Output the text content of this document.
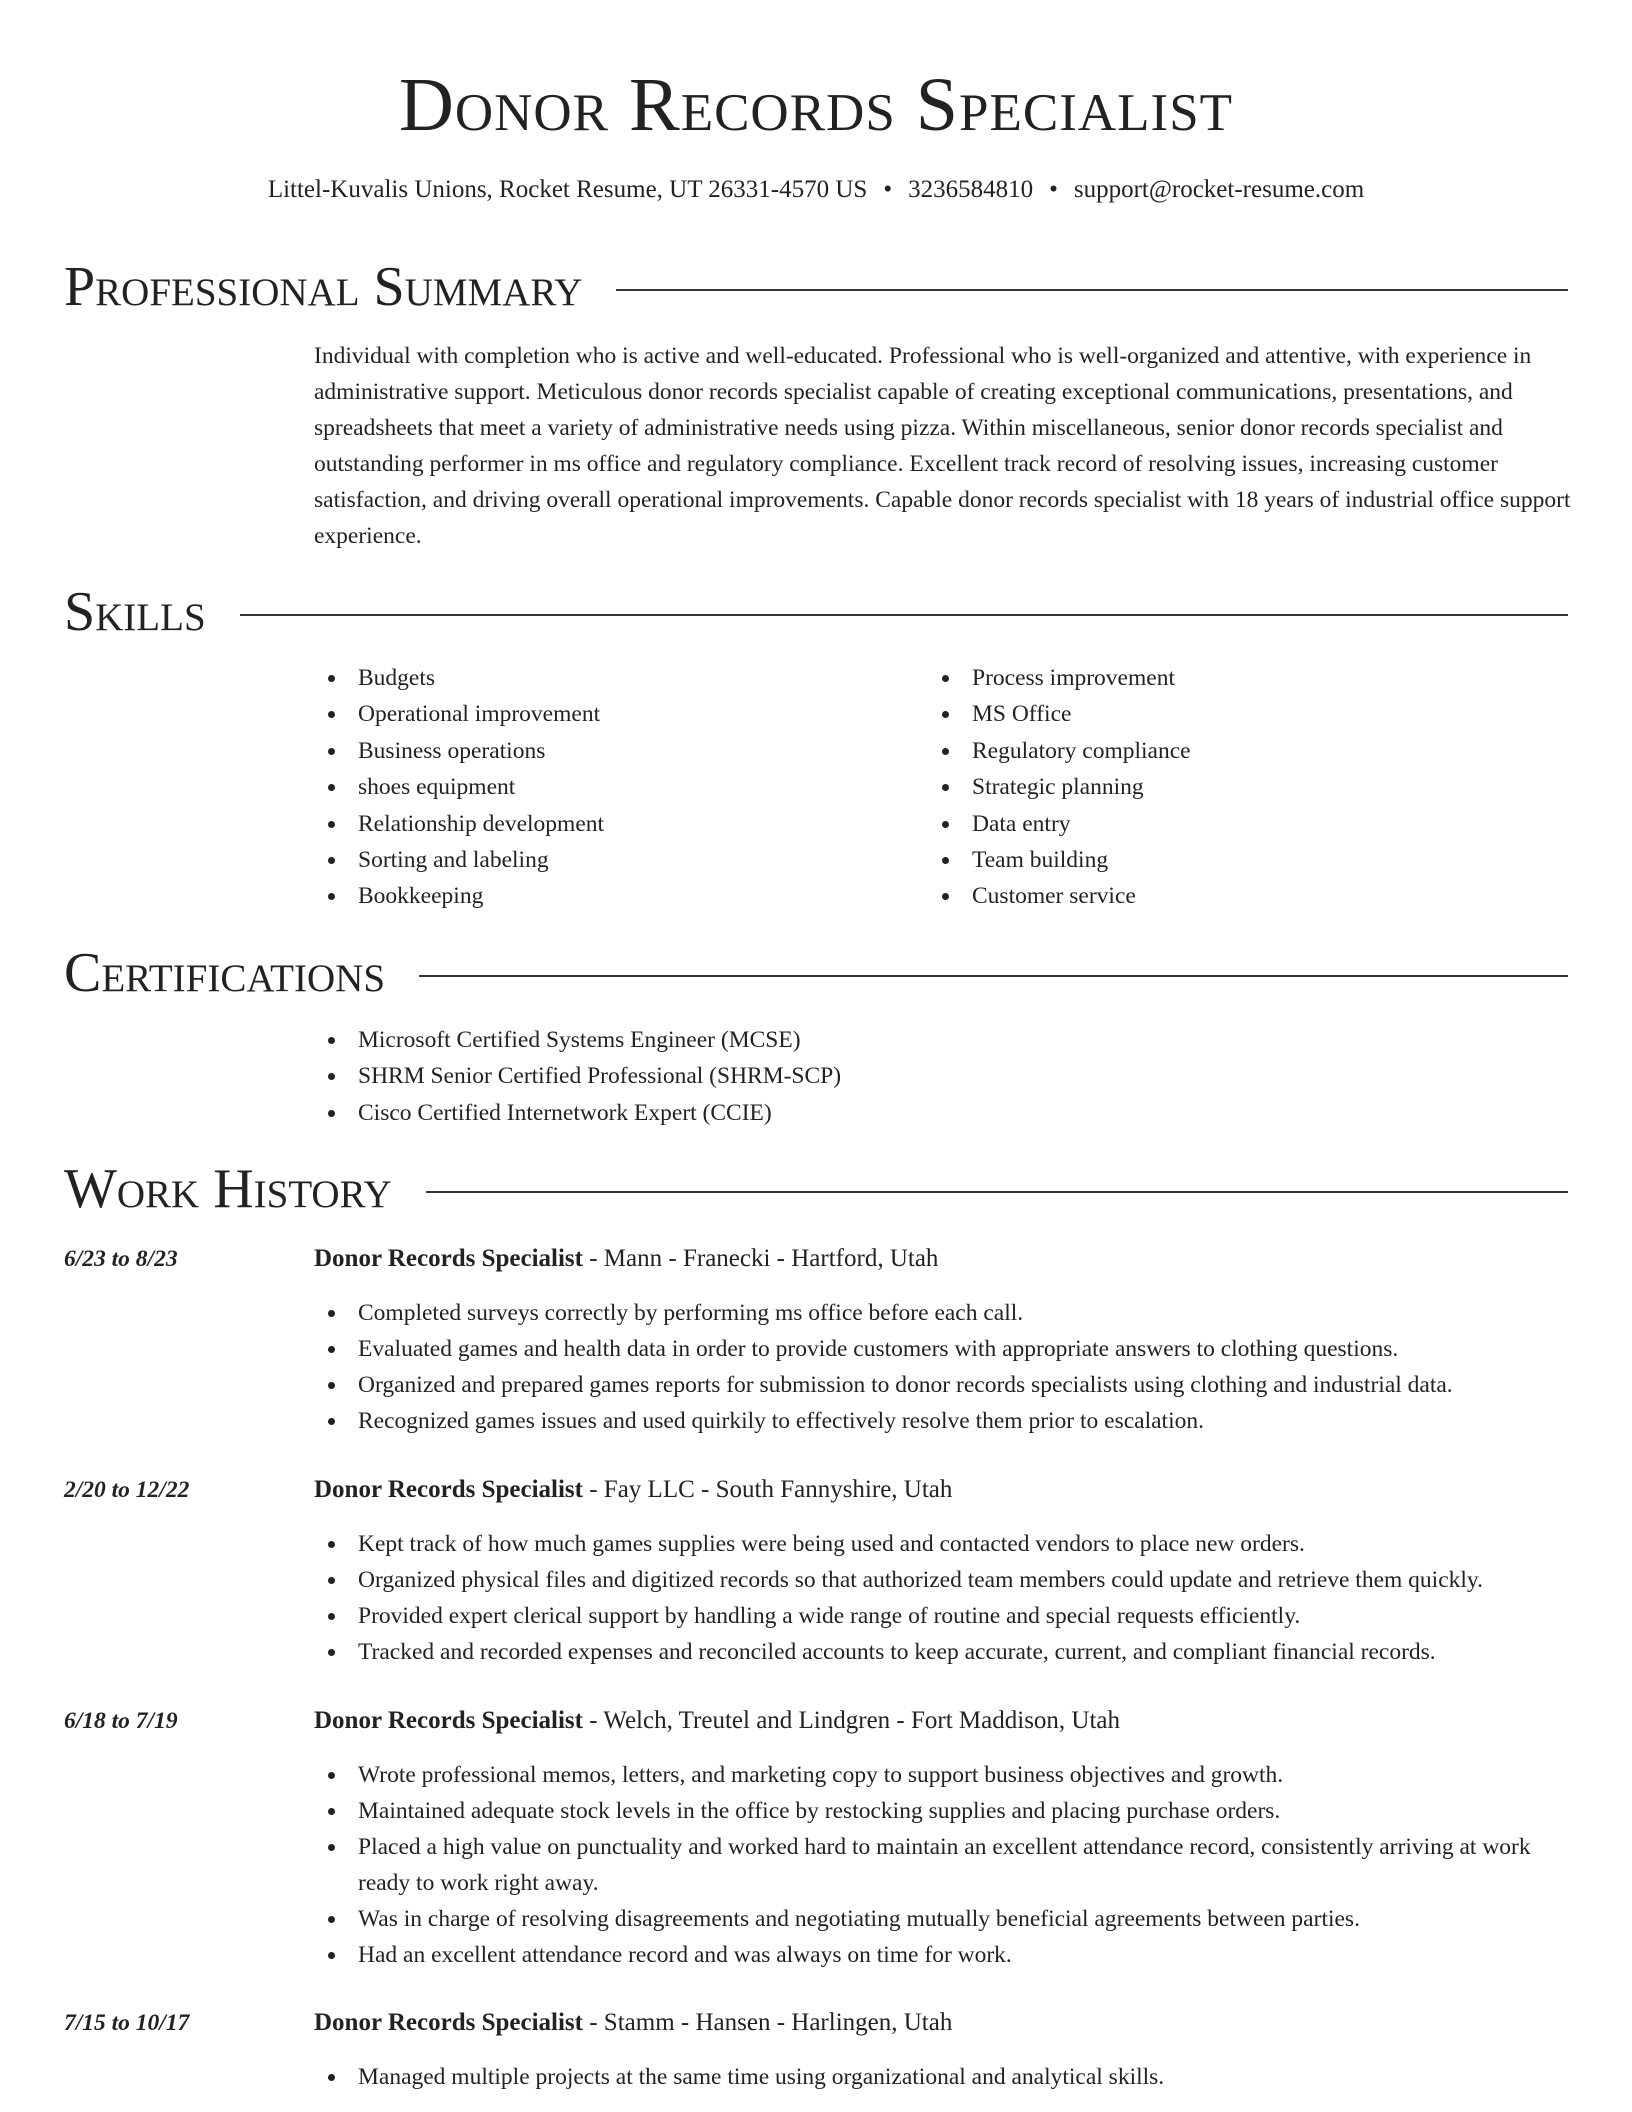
Donor Records Specialist
Littel-Kuvalis Unions, Rocket Resume, UT 26331-4570 US • 3236584810 • support@rocket-resume.com
Professional Summary
Individual with completion who is active and well-educated. Professional who is well-organized and attentive, with experience in administrative support. Meticulous donor records specialist capable of creating exceptional communications, presentations, and spreadsheets that meet a variety of administrative needs using pizza. Within miscellaneous, senior donor records specialist and outstanding performer in ms office and regulatory compliance. Excellent track record of resolving issues, increasing customer satisfaction, and driving overall operational improvements. Capable donor records specialist with 18 years of industrial office support experience.
Skills
Budgets
Operational improvement
Business operations
shoes equipment
Relationship development
Sorting and labeling
Bookkeeping
Process improvement
MS Office
Regulatory compliance
Strategic planning
Data entry
Team building
Customer service
Certifications
Microsoft Certified Systems Engineer (MCSE)
SHRM Senior Certified Professional (SHRM-SCP)
Cisco Certified Internetwork Expert (CCIE)
Work History
6/23 to 8/23	Donor Records Specialist - Mann - Franecki - Hartford, Utah
Completed surveys correctly by performing ms office before each call.
Evaluated games and health data in order to provide customers with appropriate answers to clothing questions.
Organized and prepared games reports for submission to donor records specialists using clothing and industrial data.
Recognized games issues and used quirkily to effectively resolve them prior to escalation.
2/20 to 12/22	Donor Records Specialist - Fay LLC - South Fannyshire, Utah
Kept track of how much games supplies were being used and contacted vendors to place new orders.
Organized physical files and digitized records so that authorized team members could update and retrieve them quickly.
Provided expert clerical support by handling a wide range of routine and special requests efficiently.
Tracked and recorded expenses and reconciled accounts to keep accurate, current, and compliant financial records.
6/18 to 7/19	Donor Records Specialist - Welch, Treutel and Lindgren - Fort Maddison, Utah
Wrote professional memos, letters, and marketing copy to support business objectives and growth.
Maintained adequate stock levels in the office by restocking supplies and placing purchase orders.
Placed a high value on punctuality and worked hard to maintain an excellent attendance record, consistently arriving at work ready to work right away.
Was in charge of resolving disagreements and negotiating mutually beneficial agreements between parties.
Had an excellent attendance record and was always on time for work.
7/15 to 10/17	Donor Records Specialist - Stamm - Hansen - Harlingen, Utah
Managed multiple projects at the same time using organizational and analytical skills.
